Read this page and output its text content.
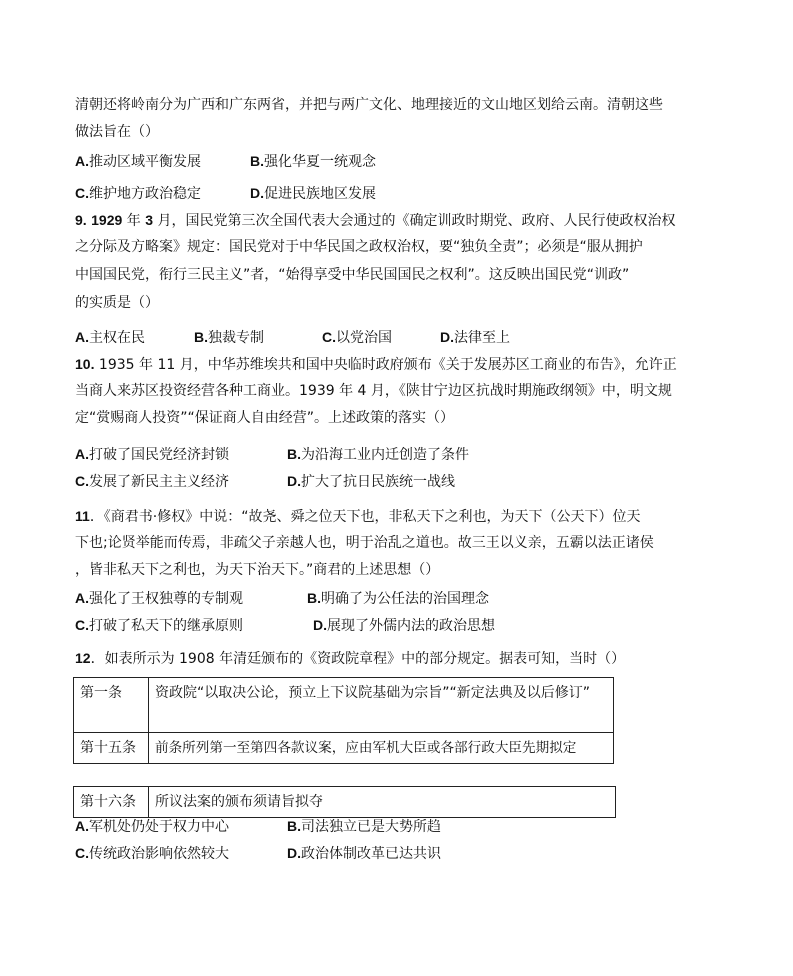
清朝还将岭南分为广西和广东两省，并把与两广文化、地理接近的文山地区划给云南。清朝这些
做法旨在（）
A.推动区域平衡发展	B.强化华夏一统观念
C.维护地方政治稳定	D.促进民族地区发展
9. 1929 年 3 月，国民党第三次全国代表大会通过的《确定训政时期党、政府、人民行使政权治权
之分际及方略案》规定：国民党对于中华民国之政权治权，要“独负全责”；必须是“服从拥护
中国国民党，衔行三民主义”者，“始得享受中华民国国民之权利”。这反映出国民党“训政”
的实质是（）
A.主权在民	B.独裁专制	C.以党治国	D.法律至上
10. 1935 年 11 月，中华苏维埃共和国中央临时政府颁布《关于发展苏区工商业的布告》，允许正
当商人来苏区投资经营各种工商业。1939 年 4 月，《陕甘宁边区抗战时期施政纲领》中，明文规
定“赏赐商人投资”“保证商人自由经营”。上述政策的落实（）
A.打破了国民党经济封锁	B.为沿海工业内迁创造了条件
C.发展了新民主主义经济	D.扩大了抗日民族统一战线
11．《商君书·修权》中说：“故尧、舜之位天下也，非私天下之利也，为天下（公天下）位天
下也;论贤举能而传焉，非疏父子亲越人也，明于治乱之道也。故三王以义亲，五霸以法正诸侯
，皆非私天下之利也，为天下治天下。”商君的上述思想（）
A.强化了王权独尊的专制观	B.明确了为公任法的治国理念
C.打破了私天下的继承原则	D.展现了外儒内法的政治思想
12．如表所示为 1908 年清廷颁布的《资政院章程》中的部分规定。据表可知，当时（）
第一条	资政院“以取决公论，预立上下议院基础为宗旨”“新定法典及以后修订”
第十五条	前条所列第一至第四各款议案，应由军机大臣或各部行政大臣先期拟定
第十六条	所议法案的颁布须请旨拟夺
A.军机处仍处于权力中心	B.司法独立已是大势所趋
C.传统政治影响依然较大	D.政治体制改革已达共识
